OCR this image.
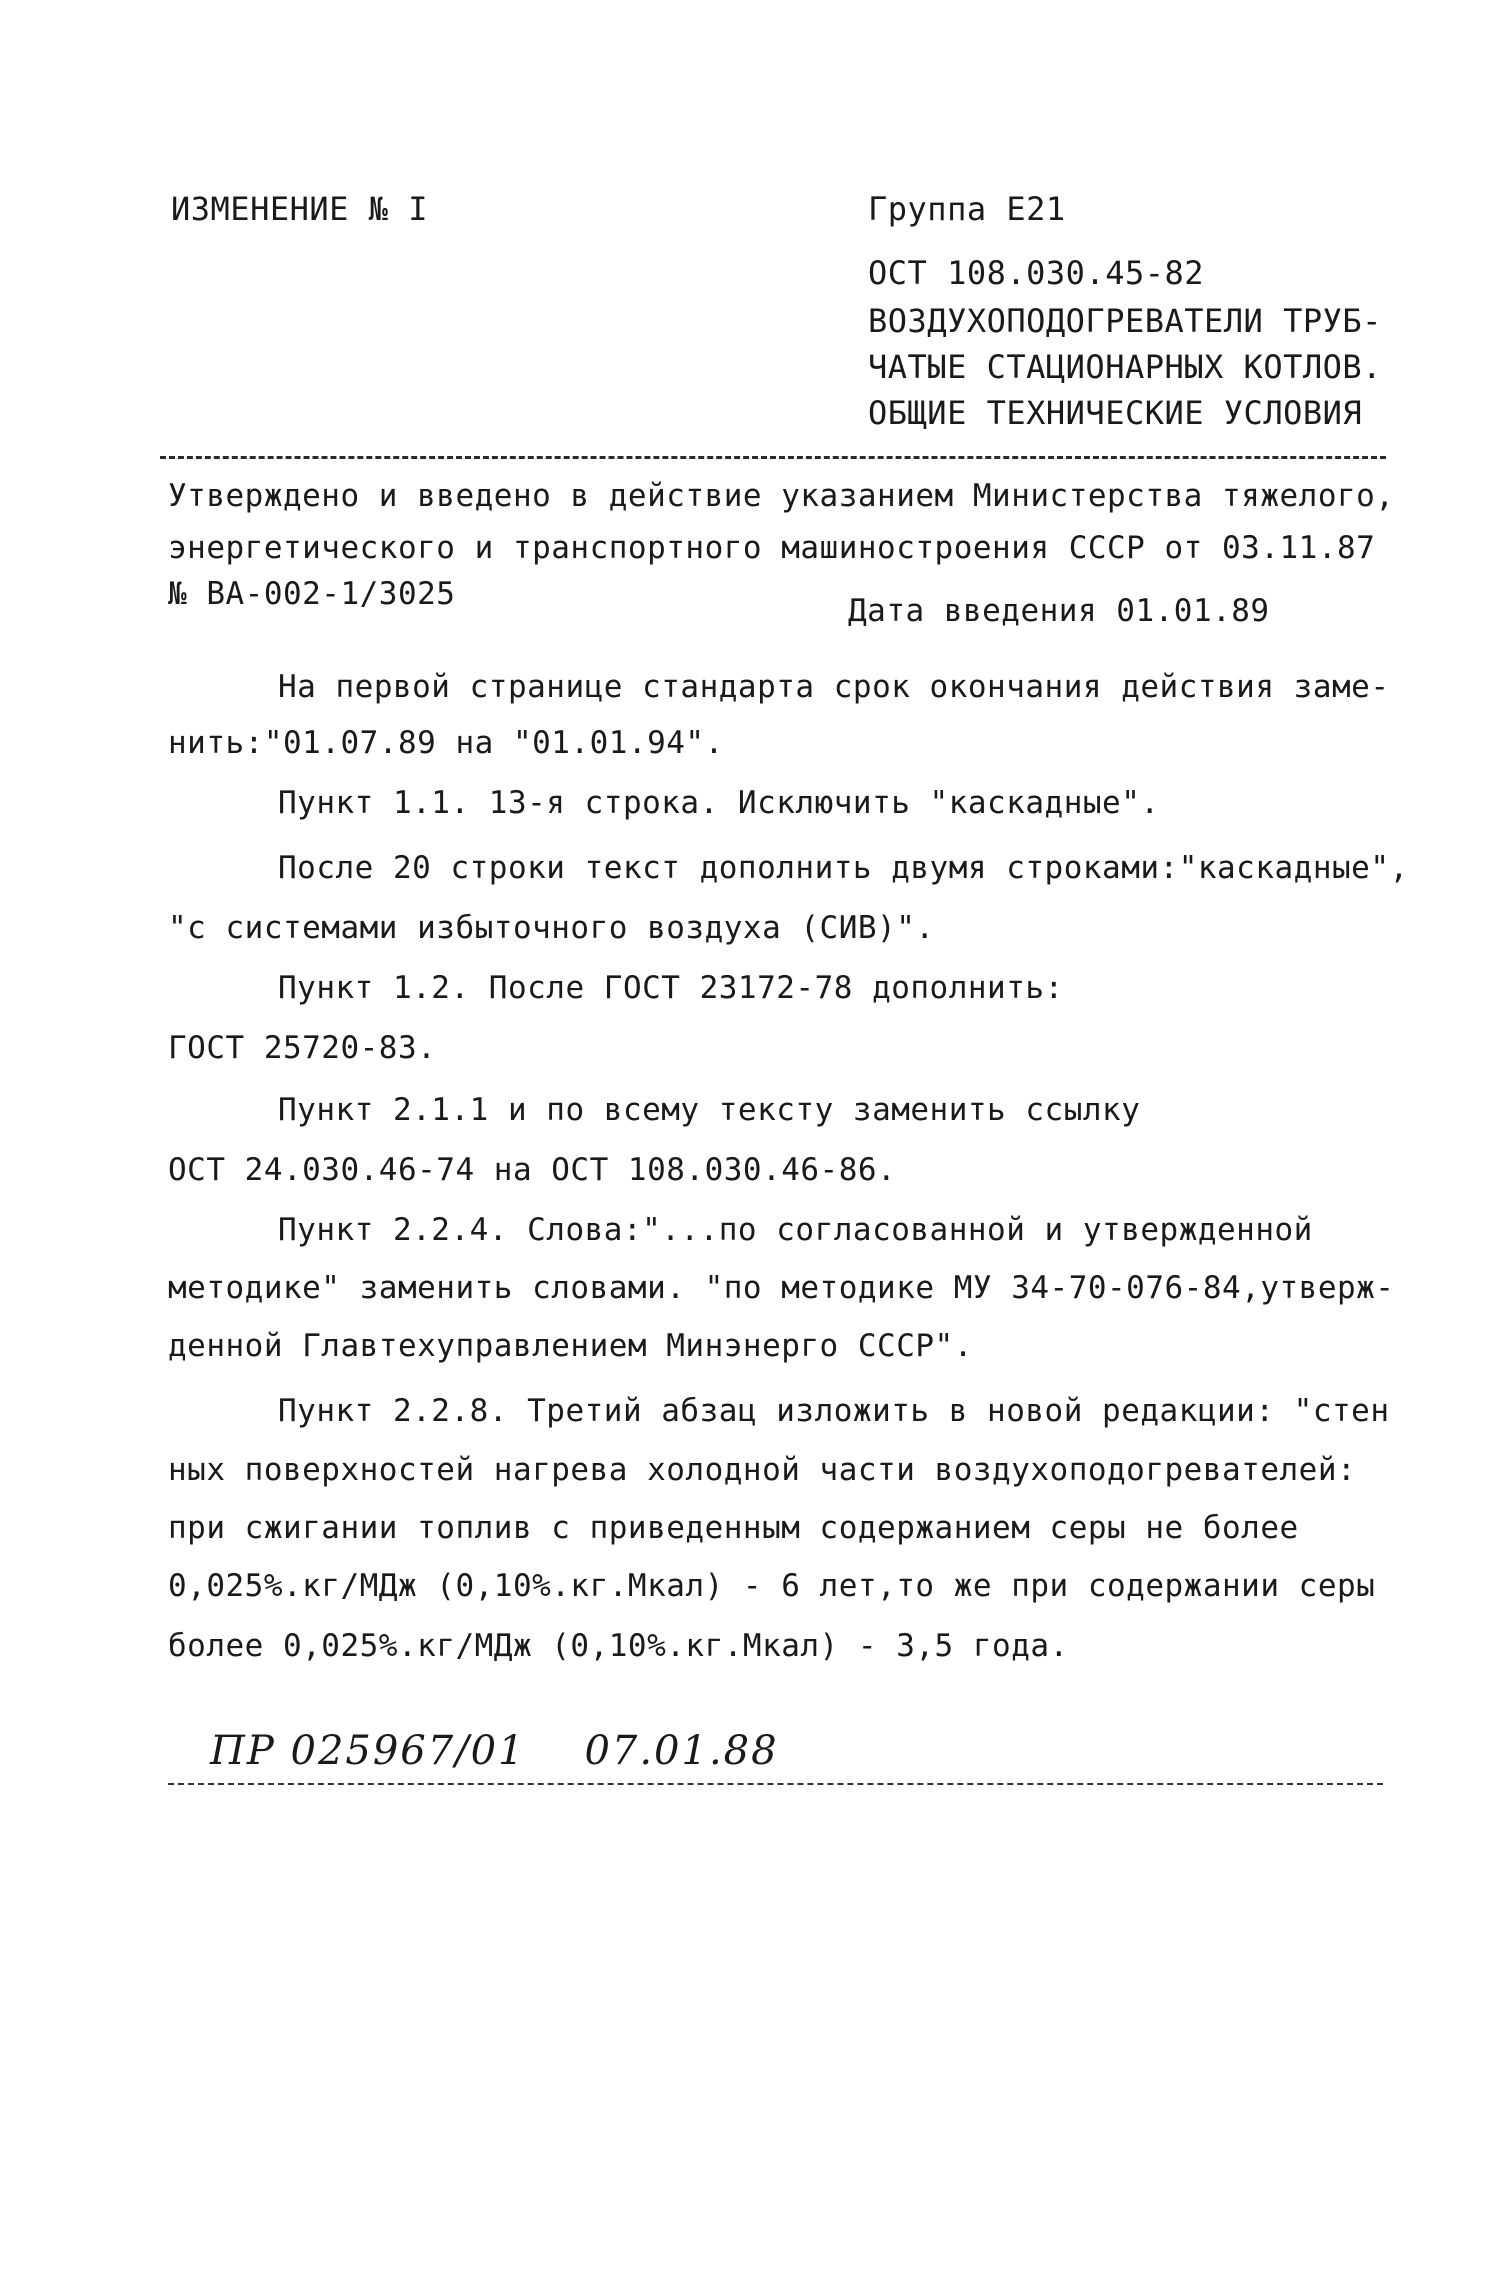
ИЗМЕНЕНИЕ № I	Группа Е21
ОСТ 108.030.45-82
ВОЗДУХОПОДОГРЕВАТЕЛИ ТРУБ-
ЧАТЫЕ СТАЦИОНАРНЫХ КОТЛОВ.
ОБЩИЕ ТЕХНИЧЕСКИЕ УСЛОВИЯ
Утверждено и введено в действие указанием Министерства тяжелого,
энергетического и транспортного машиностроения СССР от 03.11.87
№ ВА-002-1/3025	Дата введения 01.01.89
На первой странице стандарта срок окончания действия заме-
нить:"01.07.89 на "01.01.94".
Пункт 1.1. 13-я строка. Исключить "каскадные".
После 20 строки текст дополнить двумя строками:"каскадные",
"с системами избыточного воздуха (СИВ)".
Пункт 1.2. После ГОСТ 23172-78 дополнить:
ГОСТ 25720-83.
Пункт 2.1.1 и по всему тексту заменить ссылку
ОСТ 24.030.46-74 на ОСТ 108.030.46-86.
Пункт 2.2.4. Слова:"...по согласованной и утвержденной
методике" заменить словами. "по методике МУ 34-70-076-84,утверж-
денной Главтехуправлением Минэнерго СССР".
Пункт 2.2.8. Третий абзац изложить в новой редакции: "стен
ных поверхностей нагрева холодной части воздухоподогревателей:
при сжигании топлив с приведенным содержанием серы не более
0,025%.кг/МДж (0,10%.кг.Мкал) - 6 лет,то же при содержании серы
более 0,025%.кг/МДж (0,10%.кг.Мкал) - 3,5 года.
ПР 025967/01    07.01.88
